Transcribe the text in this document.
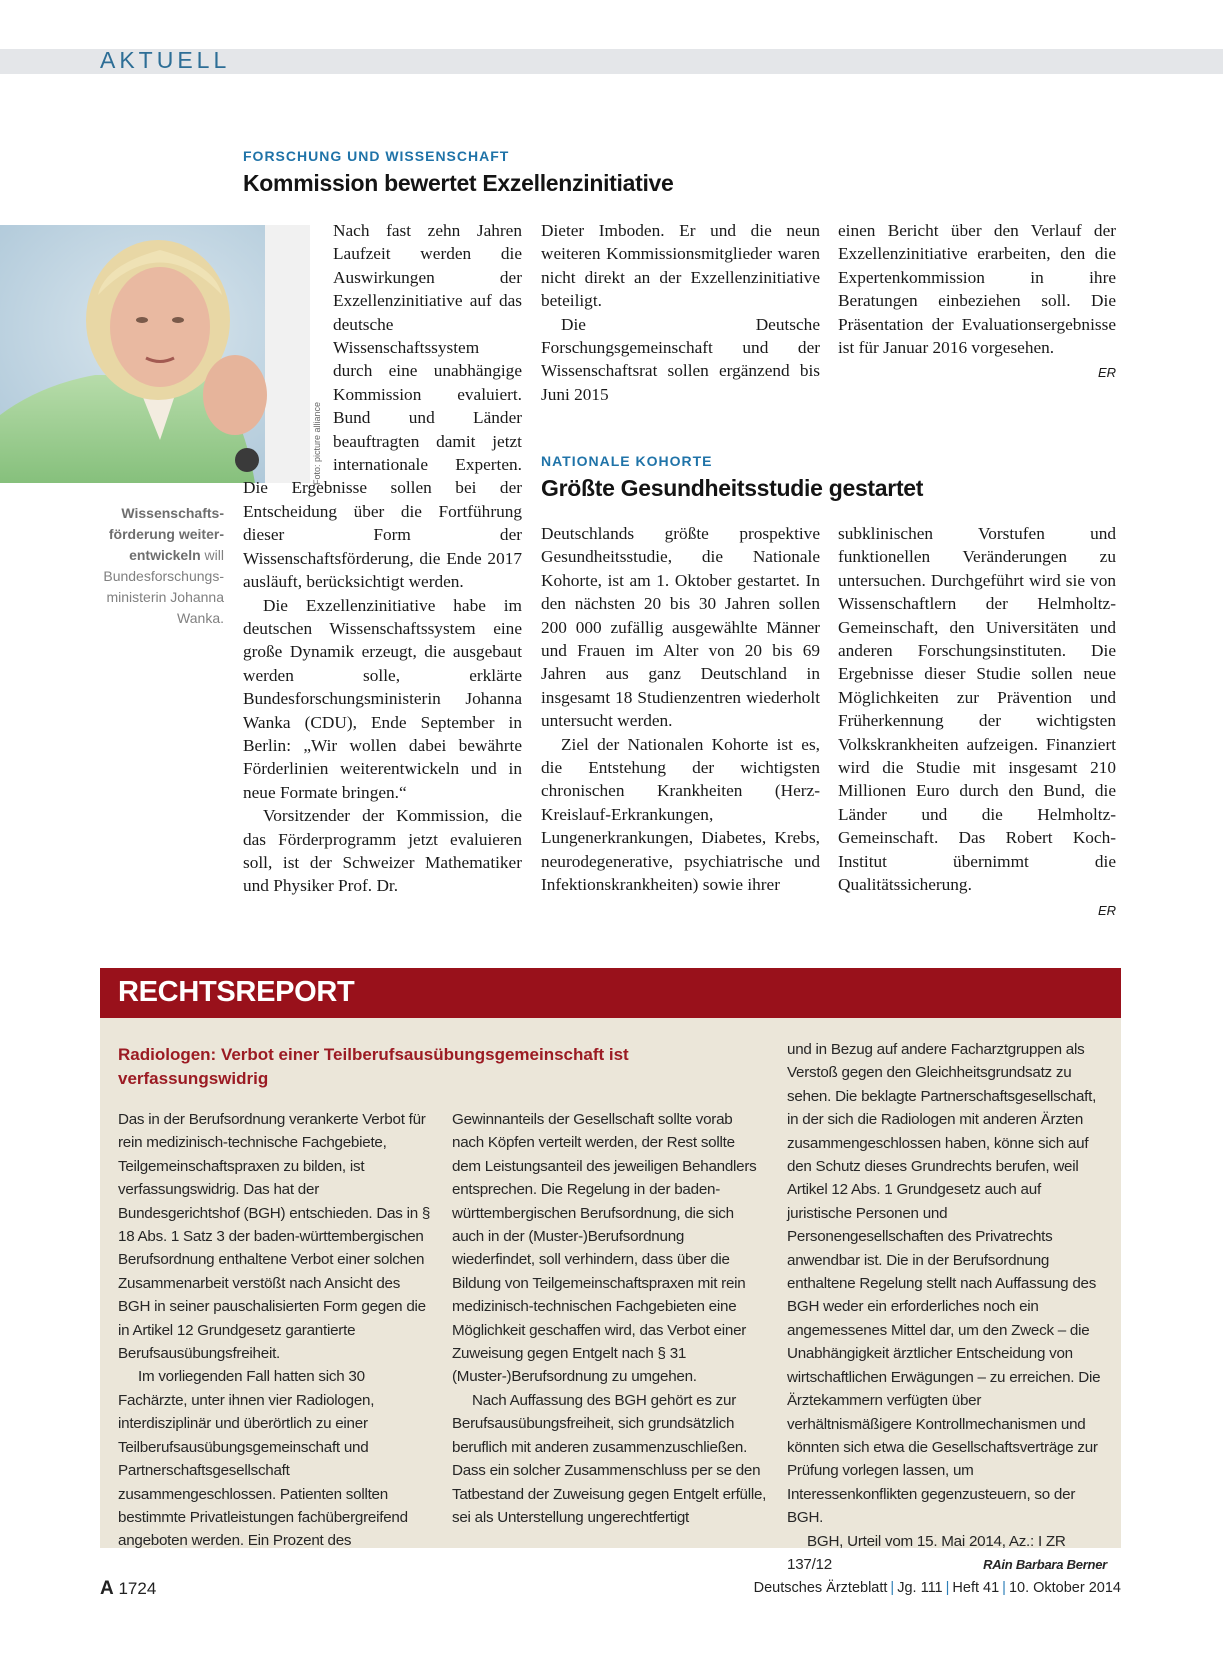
AKTUELL
FORSCHUNG UND WISSENSCHAFT
Kommission bewertet Exzellenzinitiative
Foto: picture alliance
Wissenschaftsförderung weiterentwickeln will Bundesforschungsministerin Johanna Wanka.

Nach fast zehn Jahren Laufzeit werden die Auswirkungen der Exzellenzinitiative auf das deutsche Wissenschaftssystem durch eine unabhängige Kommission evaluiert. Bund und Länder beauftragten damit jetzt internationale Experten. Die Ergebnisse sollen bei der Entscheidung über die Fortführung dieser Form der Wissenschaftsförderung, die Ende 2017 ausläuft, berücksichtigt werden.

Die Exzellenzinitiative habe im deutschen Wissenschaftssystem eine große Dynamik erzeugt, die ausgebaut werden solle, erklärte Bundesforschungsministerin Johanna Wanka (CDU), Ende September in Berlin: „Wir wollen dabei bewährte Förderlinien weiterentwickeln und in neue Formate bringen.“

Vorsitzender der Kommission, die das Förderprogramm jetzt evaluieren soll, ist der Schweizer Mathematiker und Physiker Prof. Dr.

Dieter Imboden. Er und die neun weiteren Kommissionsmitglieder waren nicht direkt an der Exzellenzinitiative beteiligt.

Die Deutsche Forschungsgemeinschaft und der Wissenschaftsrat sollen ergänzend bis Juni 2015

einen Bericht über den Verlauf der Exzellenzinitiative erarbeiten, den die Expertenkommission in ihre Beratungen einbeziehen soll. Die Präsentation der Evaluationsergebnisse ist für Januar 2016 vorgesehen.

ER
NATIONALE KOHORTE
Größte Gesundheitsstudie gestartet

Deutschlands größte prospektive Gesundheitsstudie, die Nationale Kohorte, ist am 1. Oktober gestartet. In den nächsten 20 bis 30 Jahren sollen 200 000 zufällig ausgewählte Männer und Frauen im Alter von 20 bis 69 Jahren aus ganz Deutschland in insgesamt 18 Studienzentren wiederholt untersucht werden.

Ziel der Nationalen Kohorte ist es, die Entstehung der wichtigsten chronischen Krankheiten (Herz-Kreislauf-Erkrankungen, Lungenerkrankungen, Diabetes, Krebs, neurodegenerative, psychiatrische und Infektionskrankheiten) sowie ihrer

subklinischen Vorstufen und funktionellen Veränderungen zu untersuchen. Durchgeführt wird sie von Wissenschaftlern der Helmholtz-Gemeinschaft, den Universitäten und anderen Forschungsinstituten. Die Ergebnisse dieser Studie sollen neue Möglichkeiten zur Prävention und Früherkennung der wichtigsten Volkskrankheiten aufzeigen. Finanziert wird die Studie mit insgesamt 210 Millionen Euro durch den Bund, die Länder und die Helmholtz-Gemeinschaft. Das Robert Koch-Institut übernimmt die Qualitätssicherung.

ER
RECHTSREPORT
Radiologen: Verbot einer Teilberufsausübungsgemeinschaft ist verfassungswidrig

Das in der Berufsordnung verankerte Verbot für rein medizinisch-technische Fachgebiete, Teilgemeinschaftspraxen zu bilden, ist verfassungswidrig. Das hat der Bundesgerichtshof (BGH) entschieden. Das in § 18 Abs. 1 Satz 3 der baden-württembergischen Berufsordnung enthaltene Verbot einer solchen Zusammenarbeit verstößt nach Ansicht des BGH in seiner pauschalisierten Form gegen die in Artikel 12 Grundgesetz garantierte Berufsausübungsfreiheit.

Im vorliegenden Fall hatten sich 30 Fachärzte, unter ihnen vier Radiologen, interdisziplinär und überörtlich zu einer Teilberufsausübungsgemeinschaft und Partnerschaftsgesellschaft zusammengeschlossen. Patienten sollten bestimmte Privatleistungen fachübergreifend angeboten werden. Ein Prozent des

Gewinnanteils der Gesellschaft sollte vorab nach Köpfen verteilt werden, der Rest sollte dem Leistungsanteil des jeweiligen Behandlers entsprechen. Die Regelung in der baden-württembergischen Berufsordnung, die sich auch in der (Muster-)Berufsordnung wiederfindet, soll verhindern, dass über die Bildung von Teilgemeinschaftspraxen mit rein medizinisch-technischen Fachgebieten eine Möglichkeit geschaffen wird, das Verbot einer Zuweisung gegen Entgelt nach § 31 (Muster-)Berufsordnung zu umgehen.

Nach Auffassung des BGH gehört es zur Berufsausübungsfreiheit, sich grundsätzlich beruflich mit anderen zusammenzuschließen. Dass ein solcher Zusammenschluss per se den Tatbestand der Zuweisung gegen Entgelt erfülle, sei als Unterstellung ungerechtfertigt

und in Bezug auf andere Facharztgruppen als Verstoß gegen den Gleichheitsgrundsatz zu sehen. Die beklagte Partnerschaftsgesellschaft, in der sich die Radiologen mit anderen Ärzten zusammengeschlossen haben, könne sich auf den Schutz dieses Grundrechts berufen, weil Artikel 12 Abs. 1 Grundgesetz auch auf juristische Personen und Personengesellschaften des Privatrechts anwendbar ist. Die in der Berufsordnung enthaltene Regelung stellt nach Auffassung des BGH weder ein erforderliches noch ein angemessenes Mittel dar, um den Zweck – die Unabhängigkeit ärztlicher Entscheidung von wirtschaftlichen Erwägungen – zu erreichen. Die Ärztekammern verfügten über verhältnismäßigere Kontrollmechanismen und könnten sich etwa die Gesellschaftsverträge zur Prüfung vorlegen lassen, um Interessenkonflikten gegenzusteuern, so der BGH.

BGH, Urteil vom 15. Mai 2014, Az.: I ZR 137/12	RAin Barbara Berner

A 1724	Deutsches Ärzteblatt | Jg. 111 | Heft 41 | 10. Oktober 2014
